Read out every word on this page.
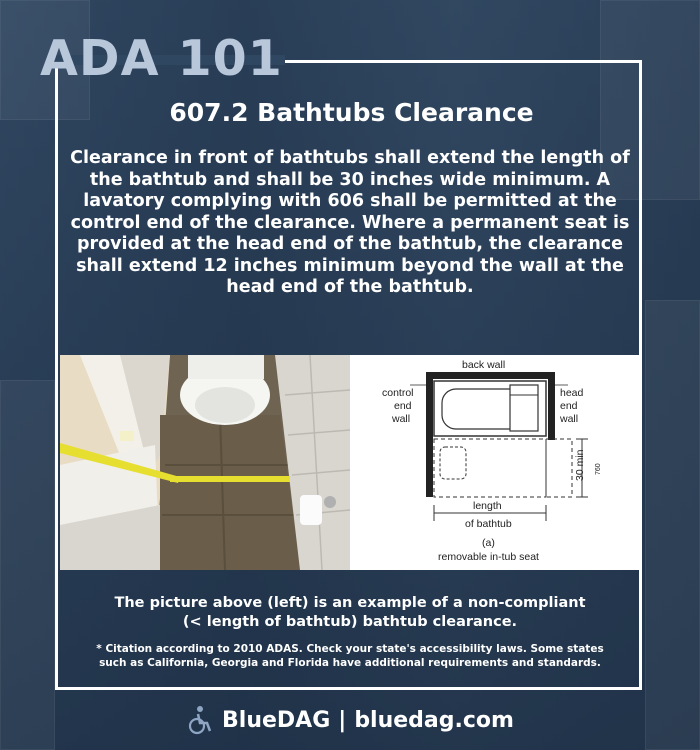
ADA 101
607.2 Bathtubs Clearance
Clearance in front of bathtubs shall extend the length of the bathtub and shall be 30 inches wide minimum. A lavatory complying with 606 shall be permitted at the control end of the clearance. Where a permanent seat is provided at the head end of the bathtub, the clearance shall extend 12 inches minimum beyond the wall at the head end of the bathtub.
back wall
control
end
wall
head
end
wall
30 min 760
length
of bathtub
(a)
removable in-tub seat
The picture above (left) is an example of a non-compliant
(< length of bathtub) bathtub clearance.
* Citation according to 2010 ADAS. Check your state's accessibility laws. Some states
such as California, Georgia and Florida have additional requirements and standards.
BlueDAG | bluedag.com
